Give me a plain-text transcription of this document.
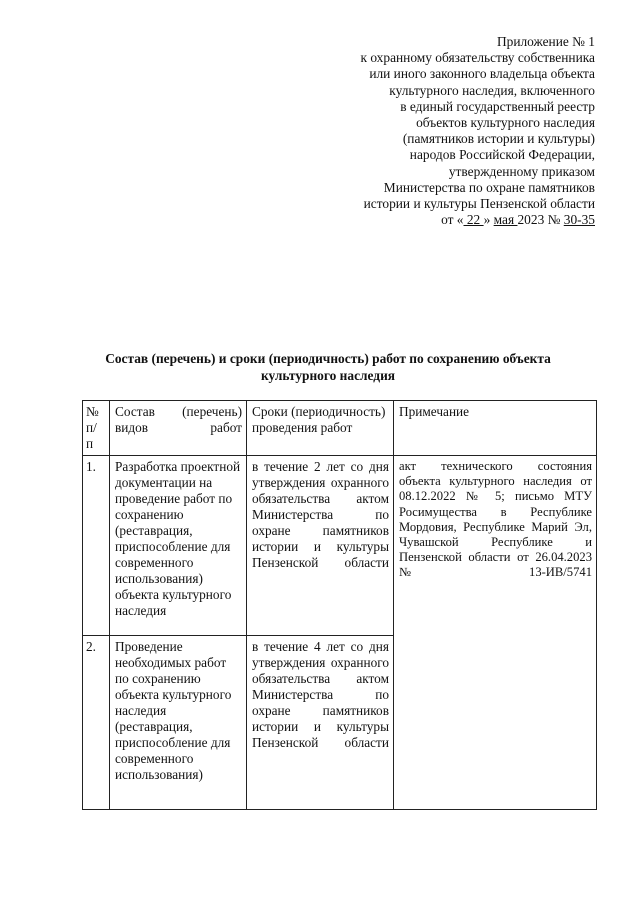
Приложение № 1
к охранному обязательству собственника
или иного законного владельца объекта
культурного наследия, включенного
в единый государственный реестр
объектов культурного наследия
(памятников истории и культуры)
народов Российской Федерации,
утвержденному приказом
Министерства по охране памятников
истории и культуры Пензенской области
от « 22 » мая 2023 № 30-35
Состав (перечень) и сроки (периодичность) работ по сохранению объекта
культурного наследия
№
п/
п	Состав (перечень) видов работ	Сроки (периодичность) проведения работ	Примечание

1.	Разработка проектной документации на проведение работ по сохранению (реставрация, приспособление для современного использования) объекта культурного наследия	в течение 2 лет со дня утверждения охранного обязательства актом Министерства по охране памятников истории и культуры Пензенской области	акт технического состояния объекта культурного наследия от 08.12.2022 № 5; письмо МТУ Росимущества в Республике Мордовия, Республике Марий Эл, Чувашской Республике и Пензенской области от 26.04.2023 № 13-ИВ/5741

2.	Проведение необходимых работ по сохранению объекта культурного наследия (реставрация, приспособление для современного использования)	в течение 4 лет со дня утверждения охранного обязательства актом Министерства по охране памятников истории и культуры Пензенской области	
